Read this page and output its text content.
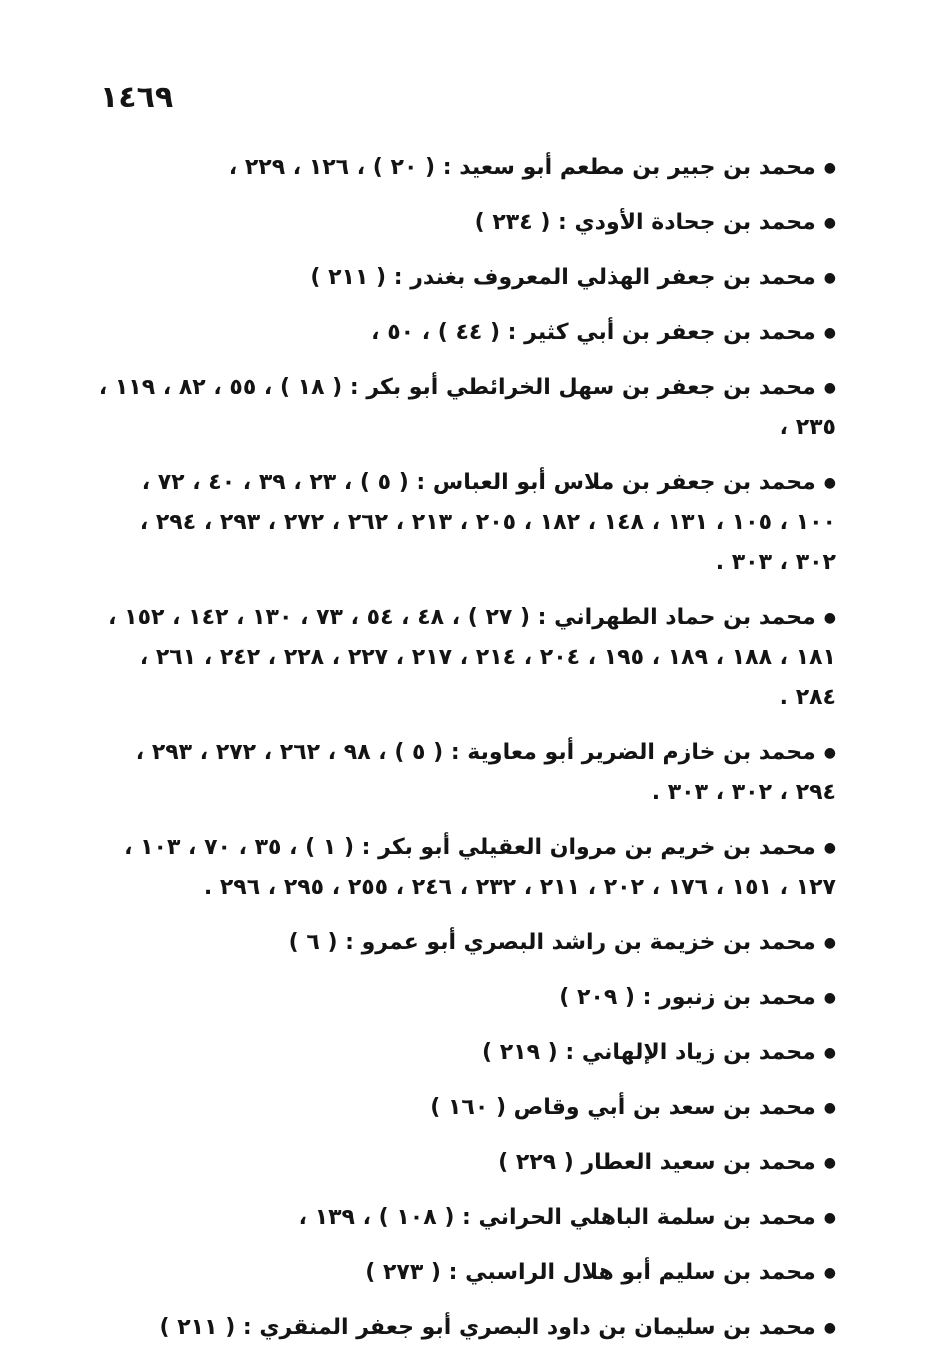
١٤٦٩

●محمد بن جبير بن مطعم أبو سعيد : ( ٢٠ ) ، ١٢٦ ، ٢٢٩ ،

●محمد بن جحادة الأودي : ( ٢٣٤ )

●محمد بن جعفر الهذلي المعروف بغندر : ( ٢١١ )

●محمد بن جعفر بن أبي كثير : ( ٤٤ ) ، ٥٠ ،

●محمد بن جعفر بن سهل الخرائطي أبو بكر : ( ١٨ ) ، ٥٥ ، ٨٢ ، ١١٩ ، ٢٣٥ ،

●محمد بن جعفر بن ملاس أبو العباس : ( ٥ ) ، ٢٣ ، ٣٩ ، ٤٠ ، ٧٢ ، ١٠٠ ، ١٠٥ ، ١٣١ ، ١٤٨ ، ١٨٢ ، ٢٠٥ ، ٢١٣ ، ٢٦٢ ، ٢٧٢ ، ٢٩٣ ، ٢٩٤ ، ٣٠٢ ، ٣٠٣ .

●محمد بن حماد الطهراني : ( ٢٧ ) ، ٤٨ ، ٥٤ ، ٧٣ ، ١٣٠ ، ١٤٢ ، ١٥٢ ، ١٨١ ، ١٨٨ ، ١٨٩ ، ١٩٥ ، ٢٠٤ ، ٢١٤ ، ٢١٧ ، ٢٢٧ ، ٢٢٨ ، ٢٤٢ ، ٢٦١ ، ٢٨٤ .

●محمد بن خازم الضرير أبو معاوية : ( ٥ ) ، ٩٨ ، ٢٦٢ ، ٢٧٢ ، ٢٩٣ ، ٢٩٤ ، ٣٠٢ ، ٣٠٣ .

●محمد بن خريم بن مروان العقيلي أبو بكر : ( ١ ) ، ٣٥ ، ٧٠ ، ١٠٣ ، ١٢٧ ، ١٥١ ، ١٧٦ ، ٢٠٢ ، ٢١١ ، ٢٣٢ ، ٢٤٦ ، ٢٥٥ ، ٢٩٥ ، ٢٩٦ .

●محمد بن خزيمة بن راشد البصري أبو عمرو : ( ٦ )

●محمد بن زنبور : ( ٢٠٩ )

●محمد بن زياد الإلهاني : ( ٢١٩ )

●محمد بن سعد بن أبي وقاص ( ١٦٠ )

●محمد بن سعيد العطار ( ٢٢٩ )

●محمد بن سلمة الباهلي الحراني : ( ١٠٨ ) ، ١٣٩ ،

●محمد بن سليم أبو هلال الراسبي : ( ٢٧٣ )

●محمد بن سليمان بن داود البصري أبو جعفر المنقري : ( ٢١١ )
